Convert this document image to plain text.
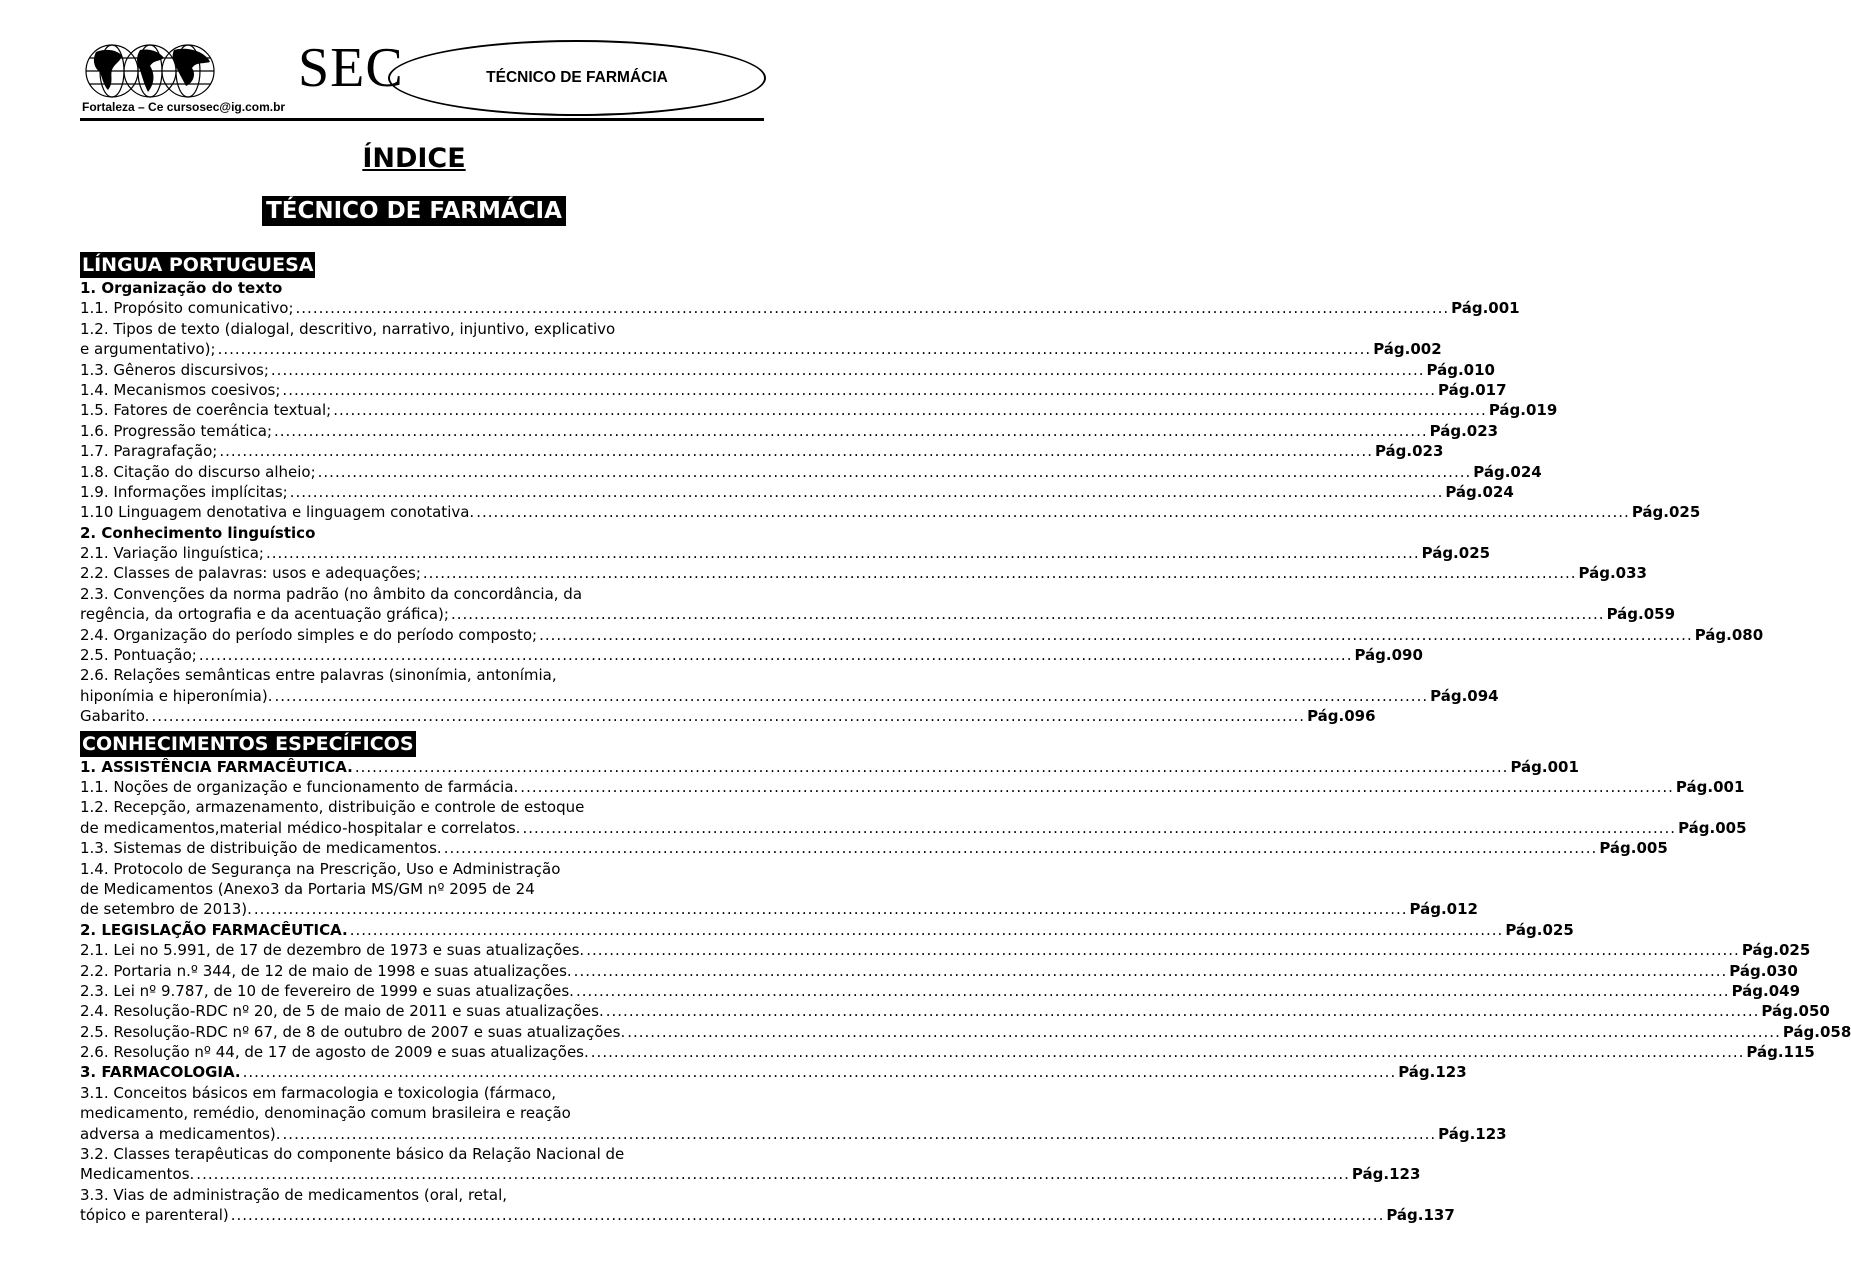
SEC
Fortaleza – Ce cursosec@ig.com.br
TÉCNICO DE FARMÁCIA
ÍNDICE
TÉCNICO DE FARMÁCIA
LÍNGUA PORTUGUESA
1. Organização do texto
1.1. Propósito comunicativo; ........................................................................................................................................................................................................ Pág.001
1.2. Tipos de texto (dialogal, descritivo, narrativo, injuntivo, explicativo
e argumentativo); ........................................................................................................................................................................................................ Pág.002
1.3. Gêneros discursivos; ........................................................................................................................................................................................................ Pág.010
1.4. Mecanismos coesivos; ........................................................................................................................................................................................................ Pág.017
1.5. Fatores de coerência textual; ........................................................................................................................................................................................................ Pág.019
1.6. Progressão temática; ........................................................................................................................................................................................................ Pág.023
1.7. Paragrafação; ........................................................................................................................................................................................................ Pág.023
1.8. Citação do discurso alheio; ........................................................................................................................................................................................................ Pág.024
1.9. Informações implícitas; ........................................................................................................................................................................................................ Pág.024
1.10 Linguagem denotativa e linguagem conotativa. ........................................................................................................................................................................................................ Pág.025
2. Conhecimento linguístico
2.1. Variação linguística; ........................................................................................................................................................................................................ Pág.025
2.2. Classes de palavras: usos e adequações; ........................................................................................................................................................................................................ Pág.033
2.3. Convenções da norma padrão (no âmbito da concordância, da
regência, da ortografia e da acentuação gráfica); ........................................................................................................................................................................................................ Pág.059
2.4. Organização do período simples e do período composto; ........................................................................................................................................................................................................ Pág.080
2.5. Pontuação; ........................................................................................................................................................................................................ Pág.090
2.6. Relações semânticas entre palavras (sinonímia, antonímia,
hiponímia e hiperonímia). ........................................................................................................................................................................................................ Pág.094
Gabarito. ........................................................................................................................................................................................................ Pág.096
CONHECIMENTOS ESPECÍFICOS
1. ASSISTÊNCIA FARMACÊUTICA. ........................................................................................................................................................................................................ Pág.001
1.1. Noções de organização e funcionamento de farmácia. ........................................................................................................................................................................................................ Pág.001
1.2. Recepção, armazenamento, distribuição e controle de estoque
de medicamentos,material médico-hospitalar e correlatos. ........................................................................................................................................................................................................ Pág.005
1.3. Sistemas de distribuição de medicamentos. ........................................................................................................................................................................................................ Pág.005
1.4. Protocolo de Segurança na Prescrição, Uso e Administração
de Medicamentos (Anexo3 da Portaria MS/GM nº 2095 de 24
de setembro de 2013). ........................................................................................................................................................................................................ Pág.012
2. LEGISLAÇÃO FARMACÊUTICA. ........................................................................................................................................................................................................ Pág.025
2.1. Lei no 5.991, de 17 de dezembro de 1973 e suas atualizações. ........................................................................................................................................................................................................ Pág.025
2.2. Portaria n.º 344, de 12 de maio de 1998 e suas atualizações. ........................................................................................................................................................................................................ Pág.030
2.3. Lei nº 9.787, de 10 de fevereiro de 1999 e suas atualizações. ........................................................................................................................................................................................................ Pág.049
2.4. Resolução-RDC nº 20, de 5 de maio de 2011 e suas atualizações. ........................................................................................................................................................................................................ Pág.050
2.5. Resolução-RDC nº 67, de 8 de outubro de 2007 e suas atualizações. ........................................................................................................................................................................................................ Pág.058
2.6. Resolução nº 44, de 17 de agosto de 2009 e suas atualizações. ........................................................................................................................................................................................................ Pág.115
3. FARMACOLOGIA. ........................................................................................................................................................................................................ Pág.123
3.1. Conceitos básicos em farmacologia e toxicologia (fármaco,
medicamento, remédio, denominação comum brasileira e reação
adversa a medicamentos). ........................................................................................................................................................................................................ Pág.123
3.2. Classes terapêuticas do componente básico da Relação Nacional de
Medicamentos. ........................................................................................................................................................................................................ Pág.123
3.3. Vias de administração de medicamentos (oral, retal,
tópico e parenteral) ........................................................................................................................................................................................................ Pág.137
